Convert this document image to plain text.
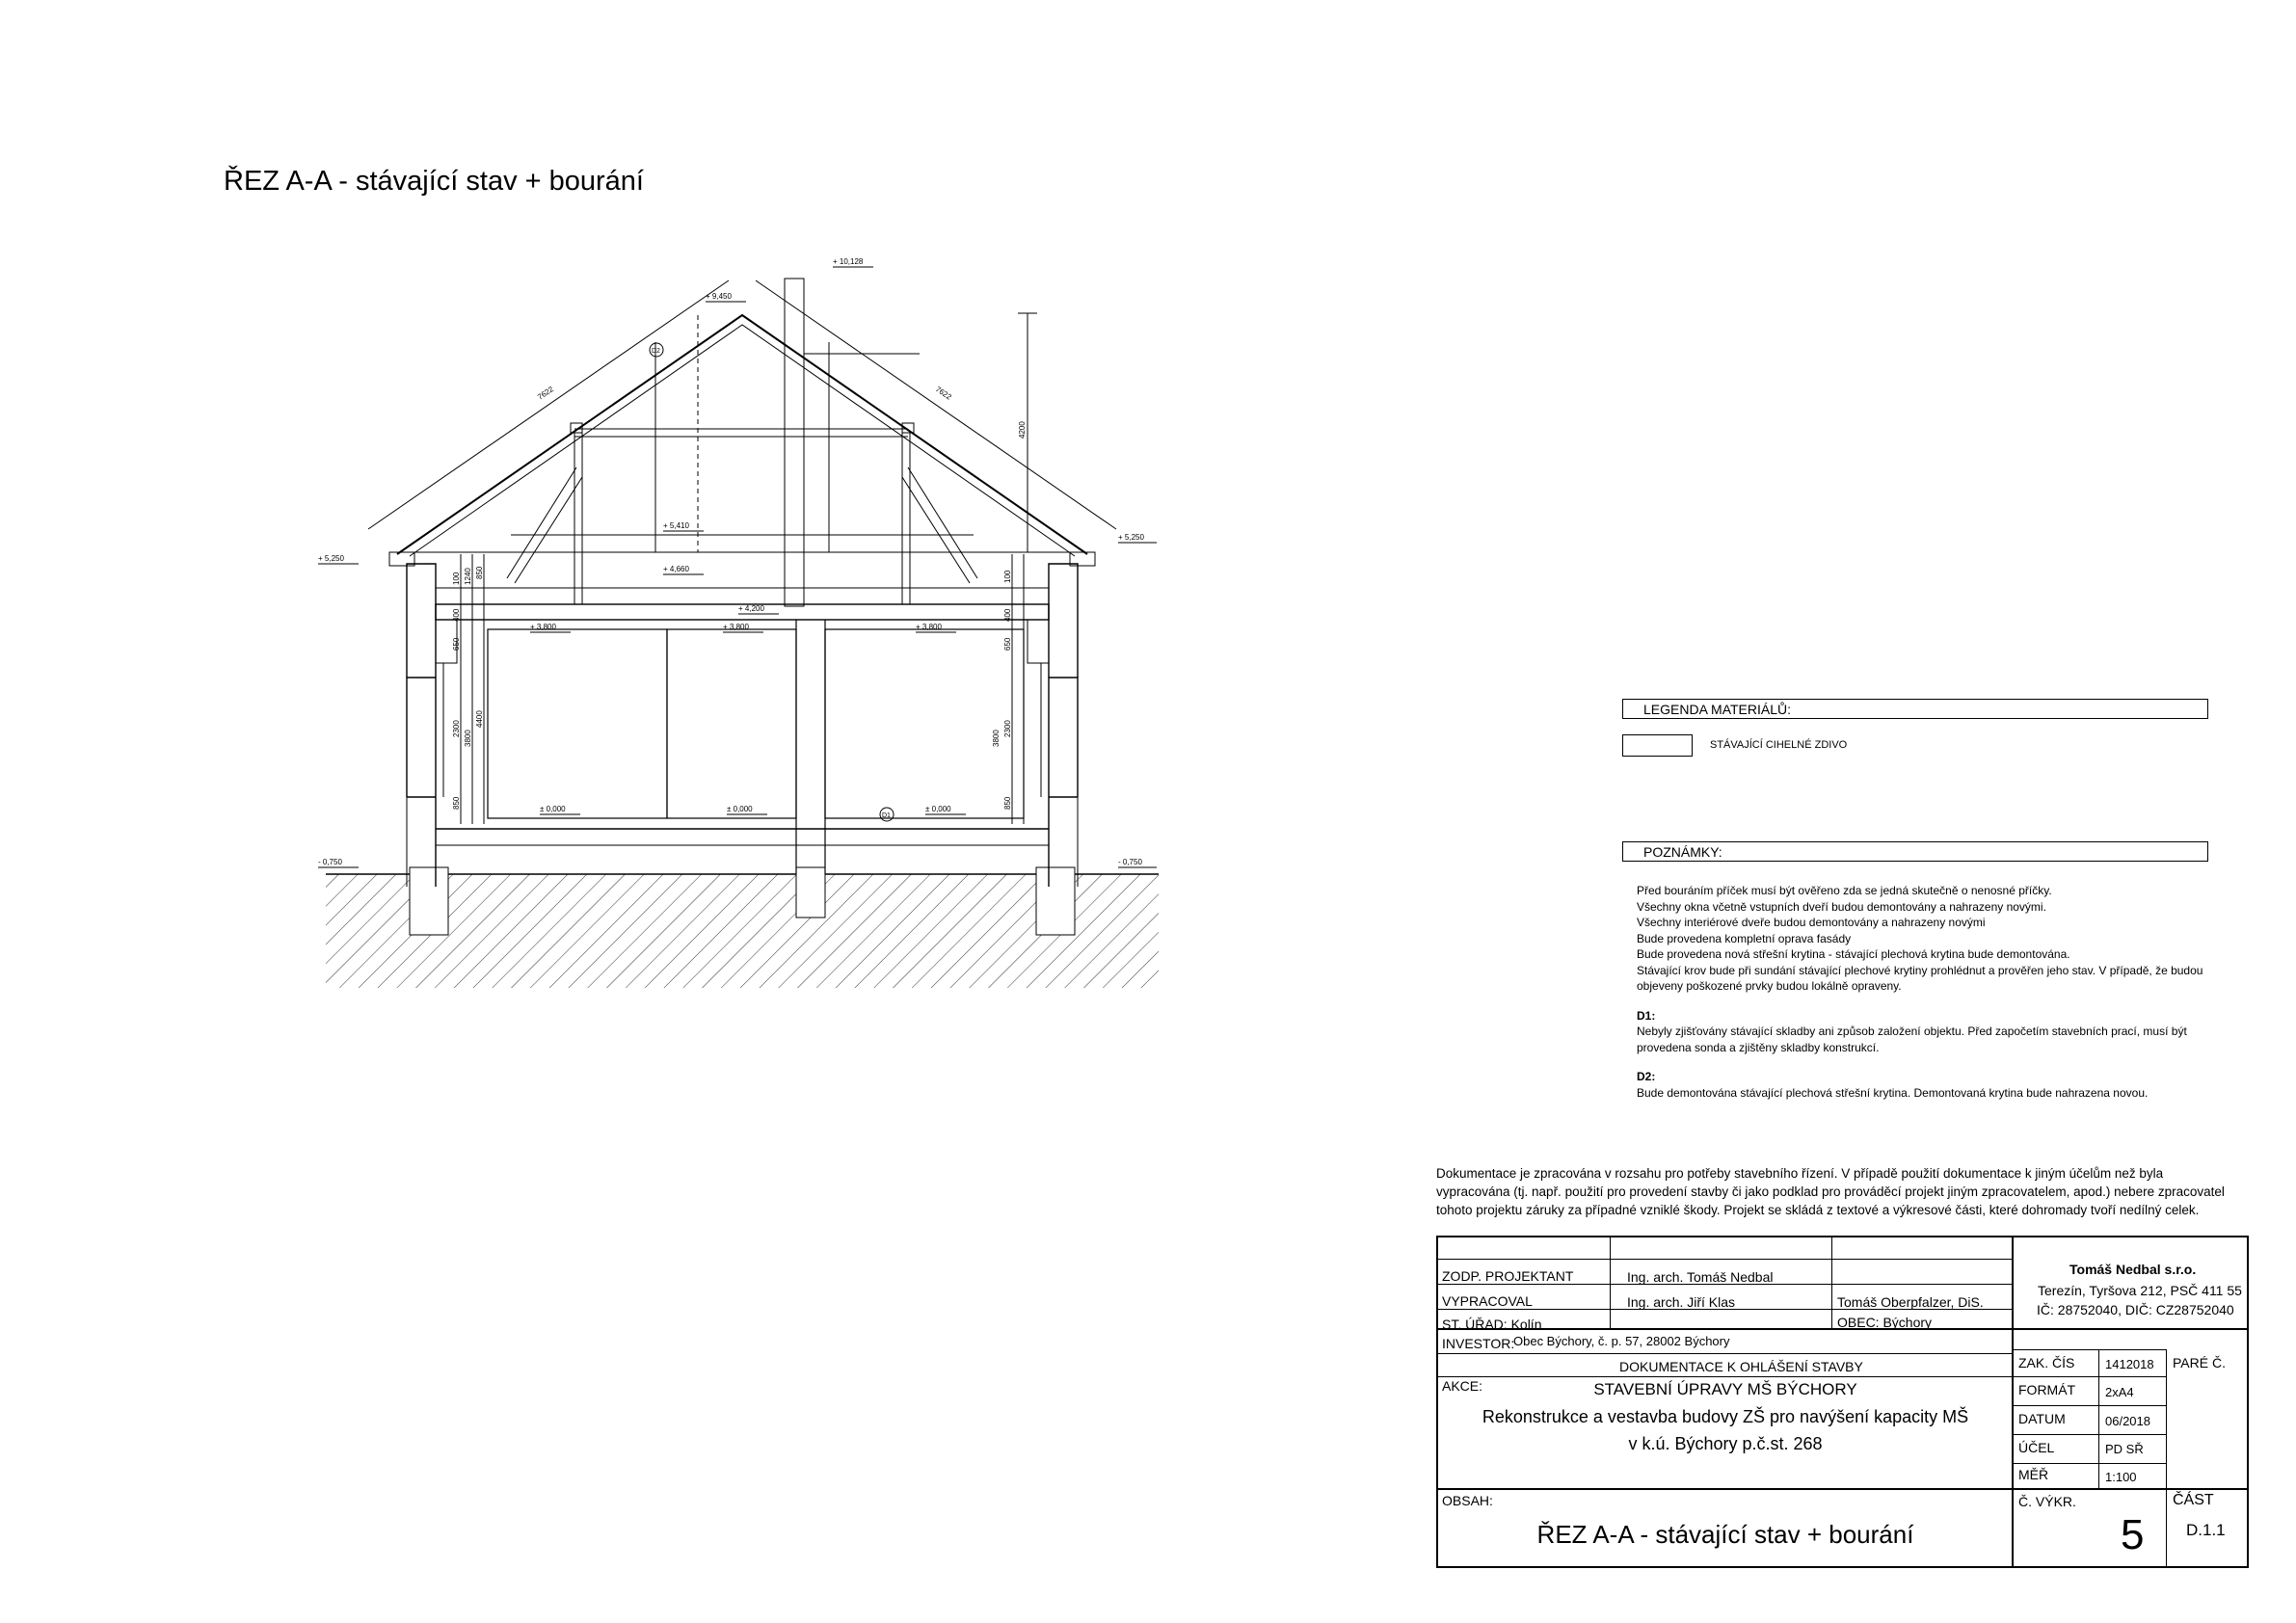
ŘEZ A-A - stávající stav + bourání
+ 10,128
+ 9,450
+ 5,410
+ 4,660
+ 4,200
+ 5,250
+ 5,250
+ 3,800	+ 3,800	+ 3,800
± 0,000	± 0,000	± 0,000
- 0,750	- 0,750
7622	7622
4200
100 1240 850
400
650
2300
3800
4400
850
100
400
650
3800
2300
850
D2
D1
LEGENDA MATERIÁLŮ:
STÁVAJÍCÍ CIHELNÉ ZDIVO
POZNÁMKY:

Před bouráním příček musí být ověřeno zda se jedná skutečně o nenosné příčky.

Všechny okna včetně vstupních dveří budou demontovány a nahrazeny novými.

Všechny interiérové dveře budou demontovány a nahrazeny novými

Bude provedena kompletní oprava fasády

Bude provedena nová střešní krytina - stávající plechová krytina bude demontována.

Stávající krov bude při sundání stávající plechové krytiny prohlédnut a prověřen jeho stav. V případě, že budou objeveny poškozené prvky budou lokálně opraveny.

D1:

Nebyly zjišťovány stávající skladby ani způsob založení objektu. Před započetím stavebních prací, musí být provedena sonda a zjištěny skladby konstrukcí.

D2:

Bude demontována stávající plechová střešní krytina. Demontovaná krytina bude nahrazena novou.

Dokumentace je zpracována v rozsahu pro potřeby stavebního řízení. V případě použití dokumentace k jiným účelům než byla vypracována (tj. např. použití pro provedení stavby či jako podklad pro prováděcí projekt jiným zpracovatelem, apod.) nebere zpracovatel tohoto projektu záruky za případné vzniklé škody. Projekt se skládá z textové a výkresové části, které dohromady tvoří nedílný celek.
ZODP. PROJEKTANT	Ing. arch. Tomáš Nedbal
VYPRACOVAL	Ing. arch. Jiří Klas	Tomáš Oberpfalzer, DiS.
ST. ÚŘAD: Kolín	OBEC: Býchory
Tomáš Nedbal s.r.o.
Terezín, Tyršova 212, PSČ 411 55
IČ: 28752040, DIČ: CZ28752040
INVESTOR:
Obec Býchory, č. p. 57, 28002 Býchory
DOKUMENTACE K OHLÁŠENÍ STAVBY
AKCE:	STAVEBNÍ ÚPRAVY MŠ BÝCHORY
Rekonstrukce a vestavba budovy ZŠ pro navýšení kapacity MŠ
v k.ú. Býchory p.č.st. 268
OBSAH:
ŘEZ A-A - stávající stav + bourání
ZAK. ČÍS 1412018
FORMÁT 2xA4
DATUM	06/2018
ÚČEL	PD SŘ
MĚŘ	1:100
PARÉ Č.
Č. VÝKR.
5
ČÁST
D.1.1
